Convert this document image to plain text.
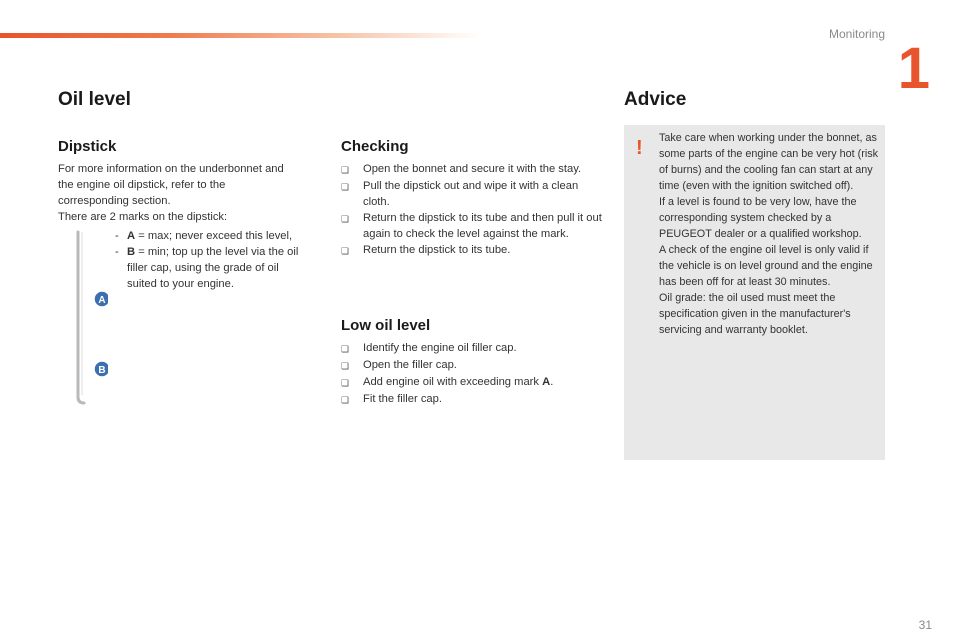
Monitoring
1
Oil level
Dipstick
For more information on the underbonnet and the engine oil dipstick, refer to the corresponding section.
There are 2 marks on the dipstick:
A
B
- A = max; never exceed this level,
- B = min; top up the level via the oil filler cap, using the grade of oil suited to your engine.
Checking
❏	Open the bonnet and secure it with the stay.
❏	Pull the dipstick out and wipe it with a clean cloth.
❏	Return the dipstick to its tube and then pull it out again to check the level against the mark.
❏	Return the dipstick to its tube.
Low oil level
❏	Identify the engine oil filler cap.
❏	Open the filler cap.
❏	Add engine oil with exceeding mark A.
❏	Fit the filler cap.
Advice
! Take care when working under the bonnet, as some parts of the engine can be very hot (risk of burns) and the cooling fan can start at any time (even with the ignition switched off).
If a level is found to be very low, have the corresponding system checked by a PEUGEOT dealer or a qualified workshop.
A check of the engine oil level is only valid if the vehicle is on level ground and the engine has been off for at least 30 minutes.
Oil grade: the oil used must meet the specification given in the manufacturer's servicing and warranty booklet.
31
